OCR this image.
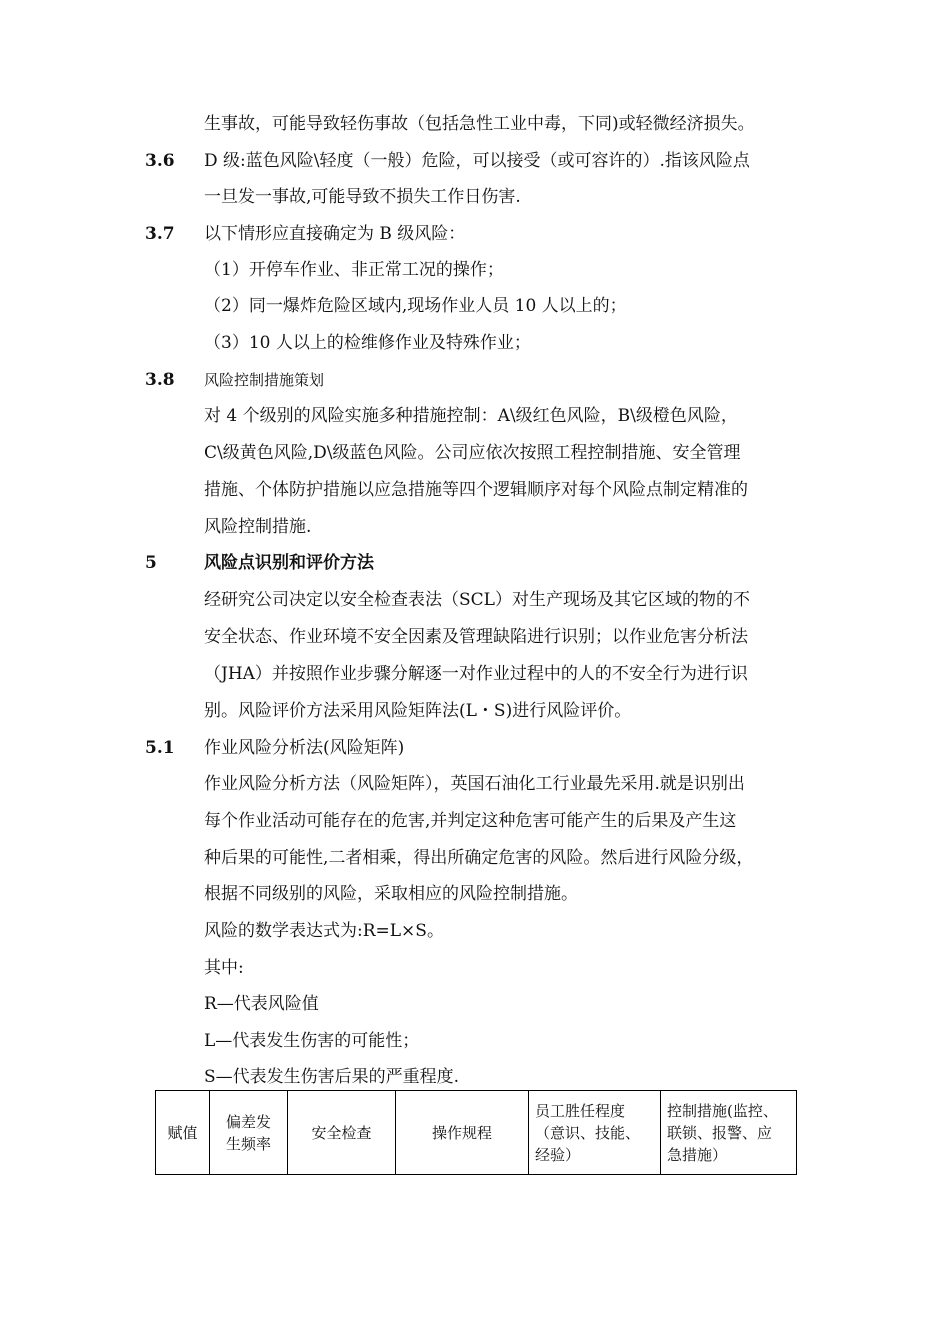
生事故，可能导致轻伤事故（包括急性工业中毒，下同)或轻微经济损失。
3.6 D 级:蓝色风险\轻度（一般）危险，可以接受（或可容许的）.指该风险点
一旦发一事故,可能导致不损失工作日伤害.
3.7 以下情形应直接确定为 B 级风险：
（1）开停车作业、非正常工况的操作；
（2）同一爆炸危险区域内,现场作业人员 10 人以上的；
（3）10 人以上的检维修作业及特殊作业；
3.8 风险控制措施策划
对 4 个级别的风险实施多种措施控制：A\级红色风险，B\级橙色风险，
C\级黄色风险,D\级蓝色风险。公司应依次按照工程控制措施、安全管理
措施、个体防护措施以应急措施等四个逻辑顺序对每个风险点制定精准的
风险控制措施.
5	风险点识别和评价方法
经研究公司决定以安全检查表法（SCL）对生产现场及其它区域的物的不
安全状态、作业环境不安全因素及管理缺陷进行识别；以作业危害分析法
（JHA）并按照作业步骤分解逐一对作业过程中的人的不安全行为进行识
别。风险评价方法采用风险矩阵法(L・S)进行风险评价。
5.1 作业风险分析法(风险矩阵)
作业风险分析方法（风险矩阵），英国石油化工行业最先采用.就是识别出
每个作业活动可能存在的危害,并判定这种危害可能产生的后果及产生这
种后果的可能性,二者相乘，得出所确定危害的风险。然后进行风险分级，
根据不同级别的风险，采取相应的风险控制措施。
风险的数学表达式为:R=L×S。
其中:
R—代表风险值
L—代表发生伤害的可能性；
S—代表发生伤害后果的严重程度.
赋值	偏差发
生频率	安全检查	操作规程	员工胜任程度
（意识、技能、
经验）	控制措施(监控、
联锁、报警、应
急措施）
